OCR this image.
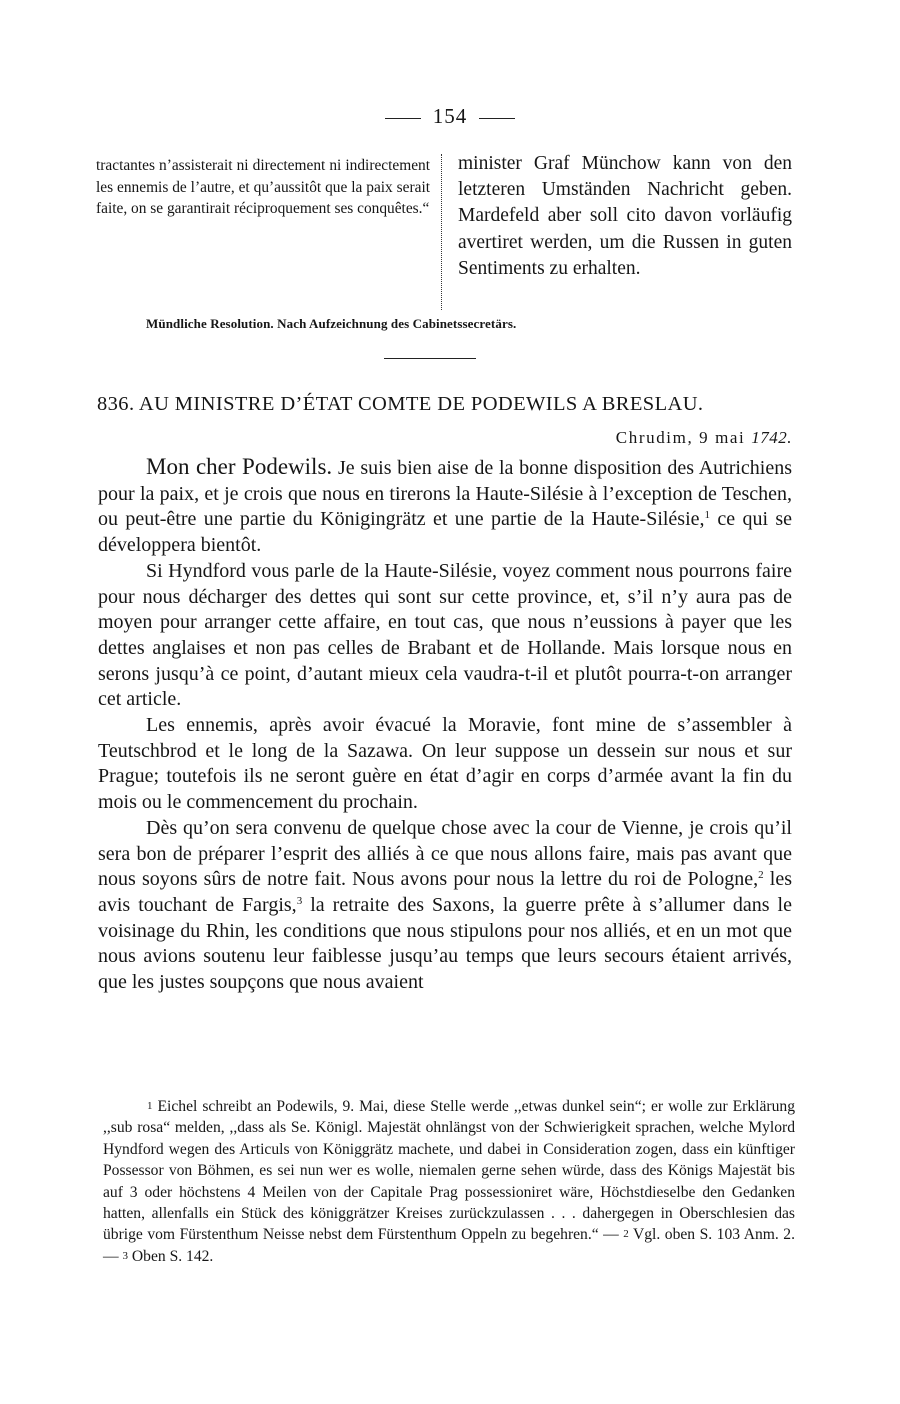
154
tractantes n’assisterait ni directement ni indirectement les ennemis de l’autre, et qu’aussitôt que la paix serait faite, on se garantirait réciproquement ses conquêtes.“
minister Graf Münchow kann von den letzteren Umständen Nachricht geben. Mardefeld aber soll cito davon vorläufig avertiret werden, um die Russen in guten Sentiments zu erhalten.
Mündliche Resolution. Nach Aufzeichnung des Cabinetssecretärs.
836. AU MINISTRE D’ÉTAT COMTE DE PODEWILS A BRESLAU.
Chrudim, 9 mai 1742.

Mon cher Podewils. Je suis bien aise de la bonne disposition des Autrichiens pour la paix, et je crois que nous en tirerons la Haute-Silésie à l’exception de Teschen, ou peut-être une partie du Königingrätz et une partie de la Haute-Silésie,$^1$ ce qui se développera bientôt.

Si Hyndford vous parle de la Haute-Silésie, voyez comment nous pourrons faire pour nous décharger des dettes qui sont sur cette province, et, s’il n’y aura pas de moyen pour arranger cette affaire, en tout cas, que nous n’eussions à payer que les dettes anglaises et non pas celles de Brabant et de Hollande. Mais lorsque nous en serons jusqu’à ce point, d’autant mieux cela vaudra-t-il et plutôt pourra-t-on arranger cet article.

Les ennemis, après avoir évacué la Moravie, font mine de s’assembler à Teutschbrod et le long de la Sazawa. On leur suppose un dessein sur nous et sur Prague; toutefois ils ne seront guère en état d’agir en corps d’armée avant la fin du mois ou le commencement du prochain.

Dès qu’on sera convenu de quelque chose avec la cour de Vienne, je crois qu’il sera bon de préparer l’esprit des alliés à ce que nous allons faire, mais pas avant que nous soyons sûrs de notre fait. Nous avons pour nous la lettre du roi de Pologne,$^2$ les avis touchant de Fargis,$^3$ la retraite des Saxons, la guerre prête à s’allumer dans le voisinage du Rhin, les conditions que nous stipulons pour nos alliés, et en un mot que nous avions soutenu leur faiblesse jusqu’au temps que leurs secours étaient arrivés, que les justes soupçons que nous avaient

1 Eichel schreibt an Podewils, 9. Mai, diese Stelle werde ,,etwas dunkel sein“; er wolle zur Erklärung ,,sub rosa“ melden, ,,dass als Se. Königl. Majestät ohnlängst von der Schwierigkeit sprachen, welche Mylord Hyndford wegen des Articuls von Königgrätz machete, und dabei in Consideration zogen, dass ein künftiger Possessor von Böhmen, es sei nun wer es wolle, niemalen gerne sehen würde, dass des Königs Majestät bis auf 3 oder höchstens 4 Meilen von der Capitale Prag possessioniret wäre, Höchstdieselbe den Gedanken hatten, allenfalls ein Stück des königgrätzer Kreises zurückzulassen . . . dahergegen in Oberschlesien das übrige vom Fürstenthum Neisse nebst dem Fürstenthum Oppeln zu begehren.“ — 2 Vgl. oben S. 103 Anm. 2. — 3 Oben S. 142.
